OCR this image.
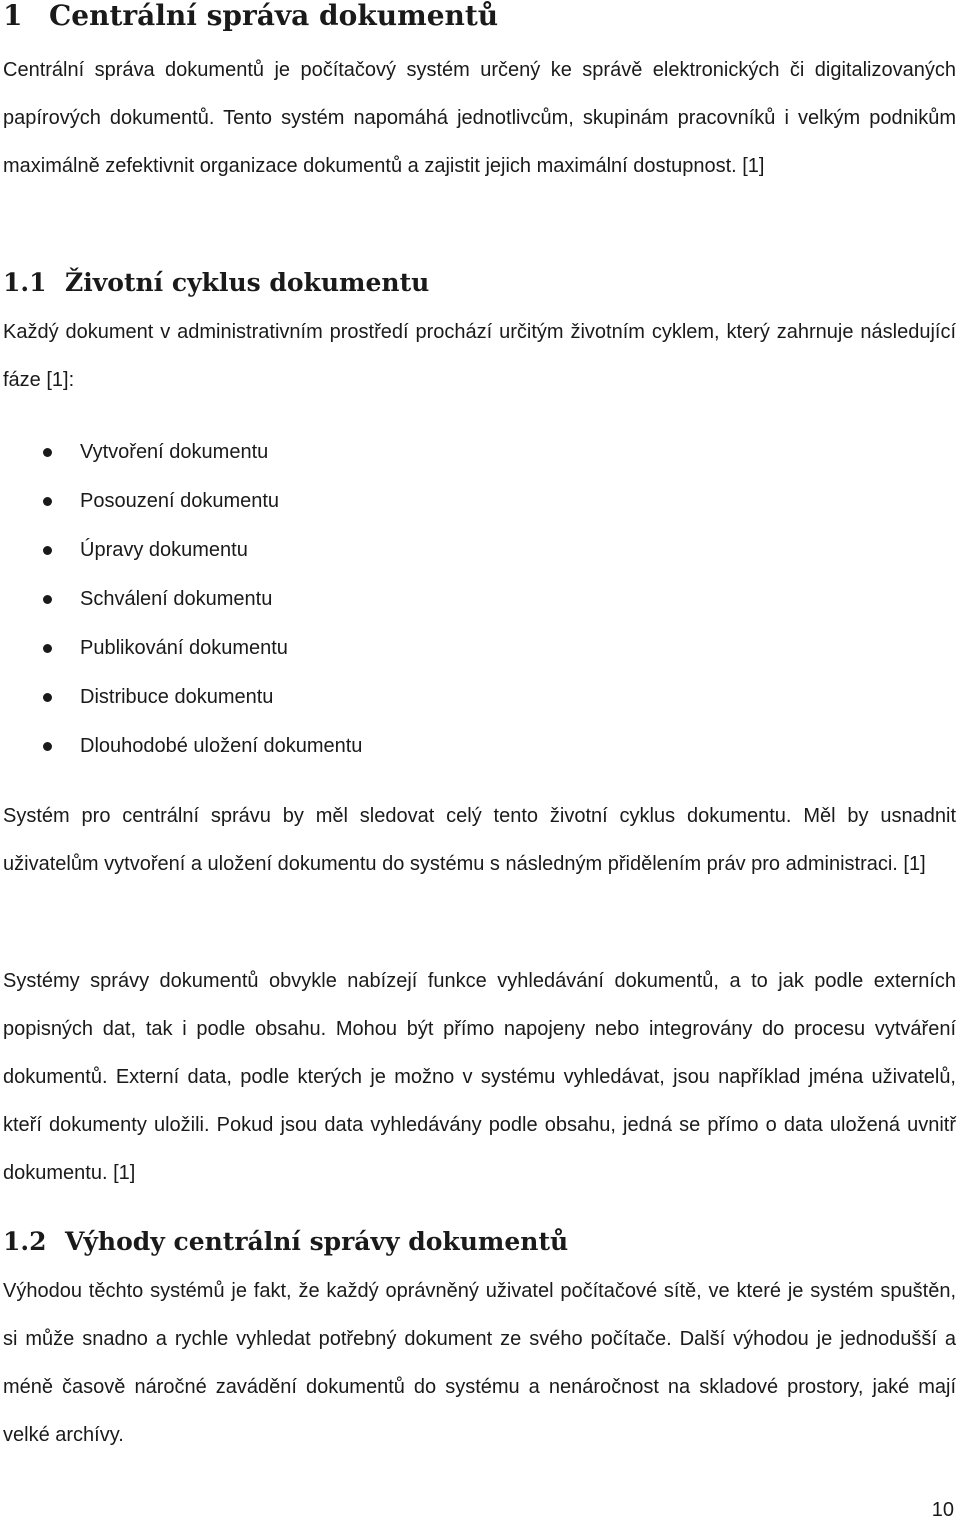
1 Centrální správa dokumentů

Centrální správa dokumentů je počítačový systém určený ke správě elektronických či digitalizovaných papírových dokumentů. Tento systém napomáhá jednotlivcům, skupinám pracovníků i velkým podnikům maximálně zefektivnit organizace dokumentů a zajistit jejich maximální dostupnost. [1]

1.1 Životní cyklus dokumentu

Každý dokument v administrativním prostředí prochází určitým životním cyklem, který zahrnuje následující fáze [1]:

Vytvoření dokumentu
Posouzení dokumentu
Úpravy dokumentu
Schválení dokumentu
Publikování dokumentu
Distribuce dokumentu
Dlouhodobé uložení dokumentu

Systém pro centrální správu by měl sledovat celý tento životní cyklus dokumentu. Měl by usnadnit uživatelům vytvoření a uložení dokumentu do systému s následným přidělením práv pro administraci. [1]

Systémy správy dokumentů obvykle nabízejí funkce vyhledávání dokumentů, a to jak podle externích popisných dat, tak i podle obsahu. Mohou být přímo napojeny nebo integrovány do procesu vytváření dokumentů. Externí data, podle kterých je možno v systému vyhledávat, jsou například jména uživatelů, kteří dokumenty uložili. Pokud jsou data vyhledávány podle obsahu, jedná se přímo o data uložená uvnitř dokumentu. [1]

1.2 Výhody centrální správy dokumentů

Výhodou těchto systémů je fakt, že každý oprávněný uživatel počítačové sítě, ve které je systém spuštěn, si může snadno a rychle vyhledat potřebný dokument ze svého počítače. Další výhodou je jednodušší a méně časově náročné zavádění dokumentů do systému a nenáročnost na skladové prostory, jaké mají velké archívy.

10
